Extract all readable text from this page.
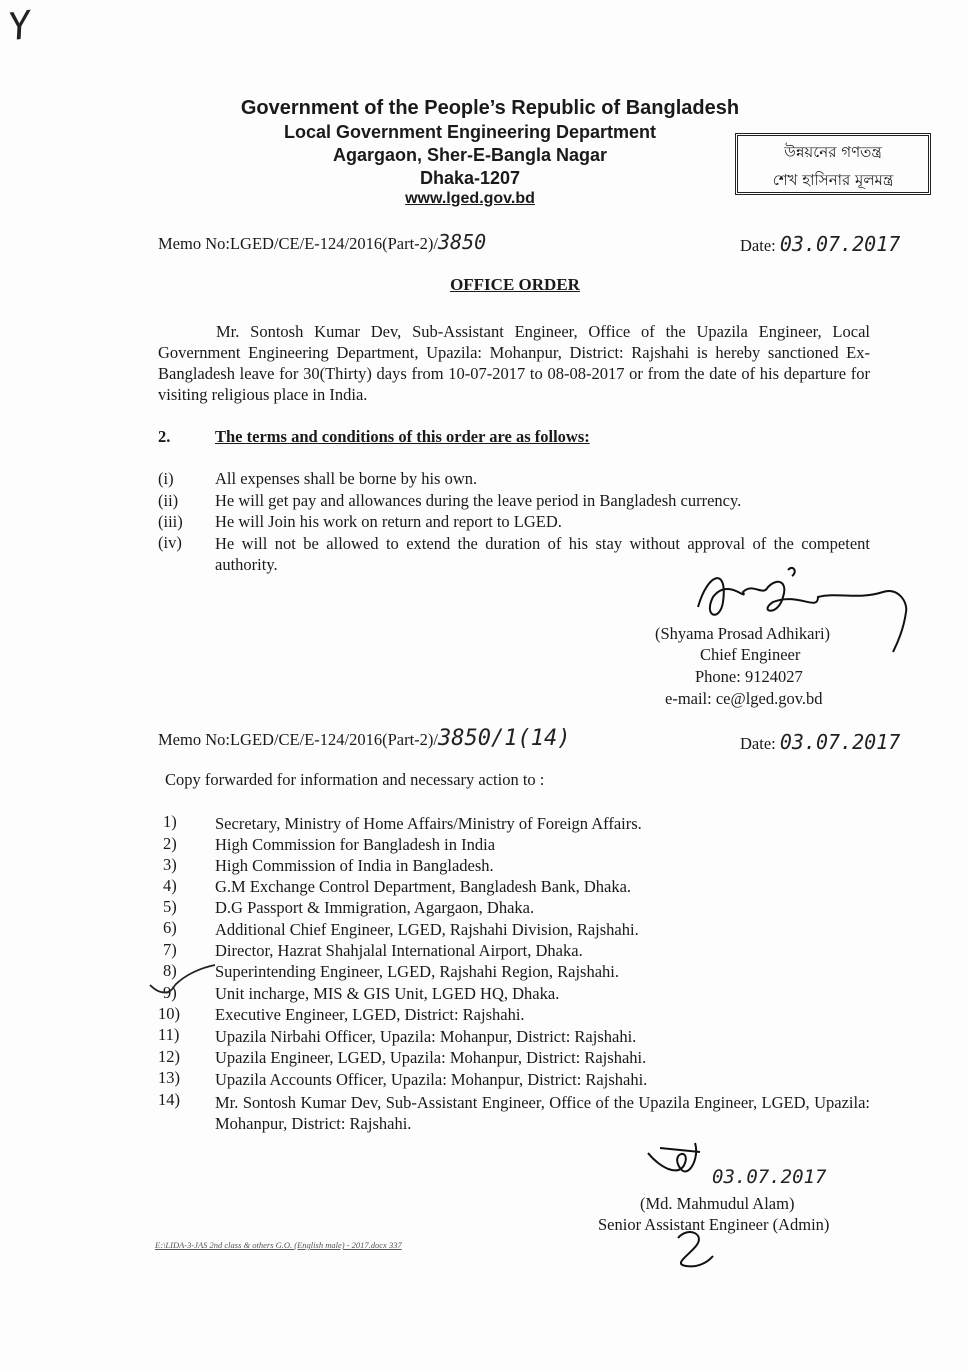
Y
Government of the People’s Republic of Bangladesh
Local Government Engineering Department
Agargaon, Sher-E-Bangla Nagar
Dhaka-1207
www.lged.gov.bd
উন্নয়নের গণতন্ত্র
শেখ হাসিনার মূলমন্ত্র
Memo No:LGED/CE/E-124/2016(Part-2)/3850	Date: 03.07.2017
OFFICE ORDER
Mr. Sontosh Kumar Dev, Sub-Assistant Engineer, Office of the Upazila Engineer, Local Government Engineering Department, Upazila: Mohanpur, District: Rajshahi is hereby sanctioned Ex-Bangladesh leave for 30(Thirty) days from 10-07-2017 to 08-08-2017 or from the date of his departure for visiting religious place in India.
2.	The terms and conditions of this order are as follows:
(i)	All expenses shall be borne by his own.
(ii) He will get pay and allowances during the leave period in Bangladesh currency.
(iii) He will Join his work on return and report to LGED.
(iv) He will not be allowed to extend the duration of his stay without approval of the competent authority.
(Shyama Prosad Adhikari)
Chief Engineer
Phone: 9124027
e-mail: ce@lged.gov.bd
Memo No:LGED/CE/E-124/2016(Part-2)/3850/1(14)	Date: 03.07.2017
Copy forwarded for information and necessary action to :
1) Secretary, Ministry of Home Affairs/Ministry of Foreign Affairs.
2) High Commission for Bangladesh in India
3) High Commission of India in Bangladesh.
4) G.M Exchange Control Department, Bangladesh Bank, Dhaka.
5) D.G Passport & Immigration, Agargaon, Dhaka.
6) Additional Chief Engineer, LGED, Rajshahi Division, Rajshahi.
7) Director, Hazrat Shahjalal International Airport, Dhaka.
8) Superintending Engineer, LGED, Rajshahi Region, Rajshahi.
9) Unit incharge, MIS & GIS Unit, LGED HQ, Dhaka.
10) Executive Engineer, LGED, District: Rajshahi.
11) Upazila Nirbahi Officer, Upazila: Mohanpur, District: Rajshahi.
12) Upazila Engineer, LGED, Upazila: Mohanpur, District: Rajshahi.
13) Upazila Accounts Officer, Upazila: Mohanpur, District: Rajshahi.
14) Mr. Sontosh Kumar Dev, Sub-Assistant Engineer, Office of the Upazila Engineer, LGED, Upazila: Mohanpur, District: Rajshahi.
03.07.2017
(Md. Mahmudul Alam)
Senior Assistant Engineer (Admin)
E:\LIDA-3-JAS 2nd class & others G.O. (English male) - 2017.docx 337
